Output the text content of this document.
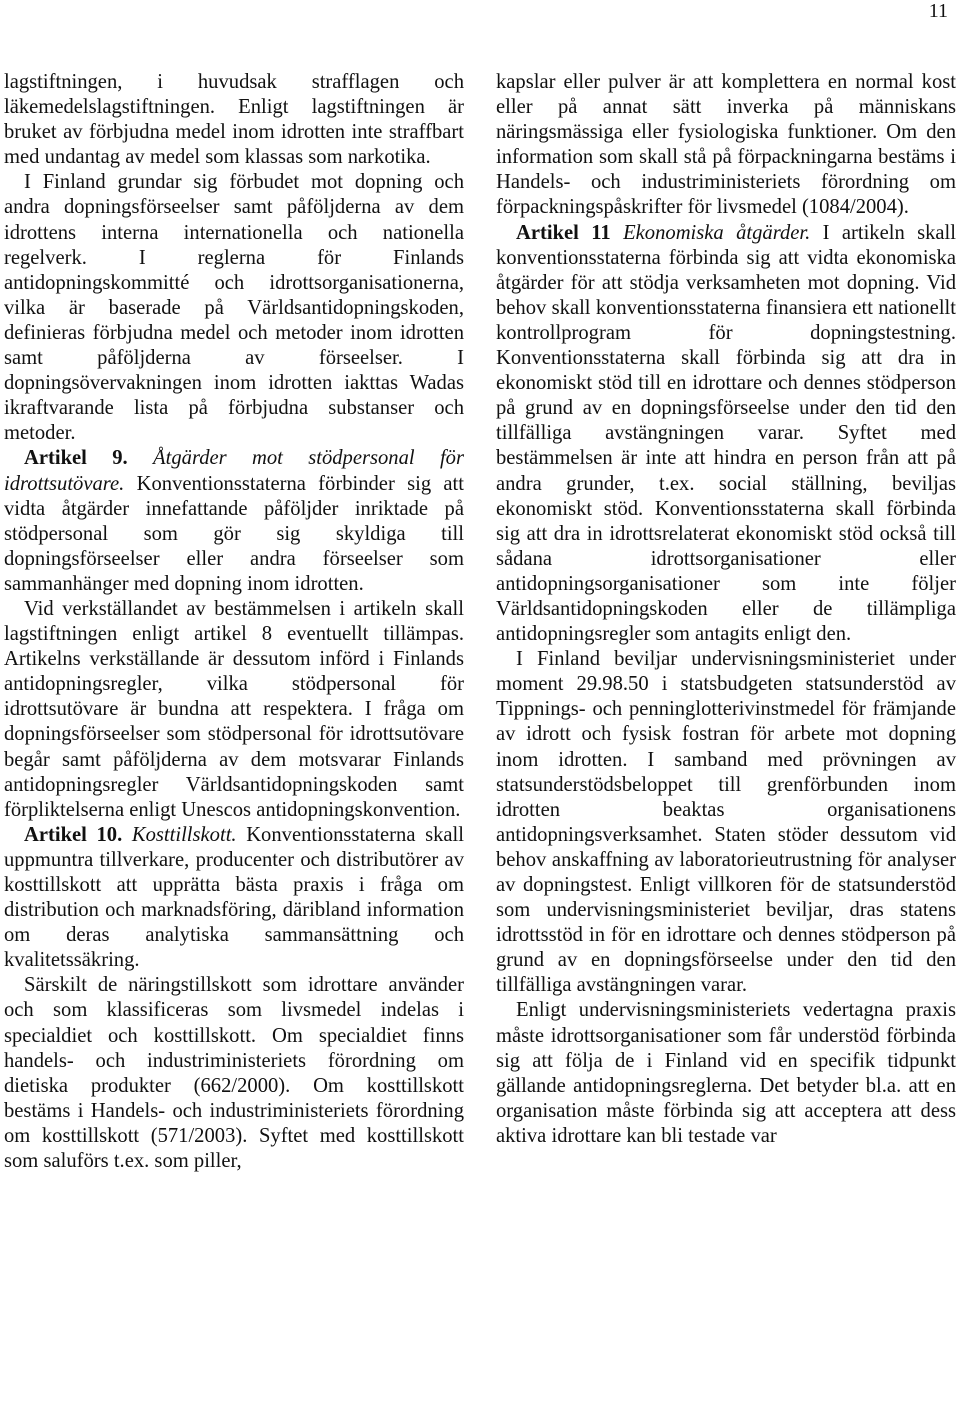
11

lagstiftningen, i huvudsak strafflagen och läkemedelslagstiftningen. Enligt lagstiftningen är bruket av förbjudna medel inom idrotten inte straffbart med undantag av medel som klassas som narkotika.

I Finland grundar sig förbudet mot dopning och andra dopningsförseelser samt påföljderna av dem idrottens interna internationella och nationella regelverk. I reglerna för Finlands antidopningskommitté och idrottsorganisationerna, vilka är baserade på Världsantidopningskoden, definieras förbjudna medel och metoder inom idrotten samt påföljderna av förseelser. I dopningsövervakningen inom idrotten iakttas Wadas ikraftvarande lista på förbjudna substanser och metoder.

Artikel 9. Åtgärder mot stödpersonal för idrottsutövare. Konventionsstaterna förbinder sig att vidta åtgärder innefattande påföljder inriktade på stödpersonal som gör sig skyldiga till dopningsförseelser eller andra förseelser som sammanhänger med dopning inom idrotten.

Vid verkställandet av bestämmelsen i artikeln skall lagstiftningen enligt artikel 8 eventuellt tillämpas. Artikelns verkställande är dessutom införd i Finlands antidopningsregler, vilka stödpersonal för idrottsutövare är bundna att respektera. I fråga om dopningsförseelser som stödpersonal för idrottsutövare begår samt påföljderna av dem motsvarar Finlands antidopningsregler Världsantidopningskoden samt förpliktelserna enligt Unescos antidopningskonvention.

Artikel 10. Kosttillskott. Konventionsstaterna skall uppmuntra tillverkare, producenter och distributörer av kosttillskott att upprätta bästa praxis i fråga om distribution och marknadsföring, däribland information om deras analytiska sammansättning och kvalitetssäkring.

Särskilt de näringstillskott som idrottare använder och som klassificeras som livsmedel indelas i specialdiet och kosttillskott. Om specialdiet finns handels- och industriministeriets förordning om dietiska produkter (662/2000). Om kosttillskott bestäms i Handels- och industriministeriets förordning om kosttillskott (571/2003). Syftet med kosttillskott som saluförs t.ex. som piller,

kapslar eller pulver är att komplettera en normal kost eller på annat sätt inverka på människans näringsmässiga eller fysiologiska funktioner. Om den information som skall stå på förpackningarna bestäms i Handels- och industriministeriets förordning om förpackningspåskrifter för livsmedel (1084/2004).

Artikel 11 Ekonomiska åtgärder. I artikeln skall konventionsstaterna förbinda sig att vidta ekonomiska åtgärder för att stödja verksamheten mot dopning. Vid behov skall konventionsstaterna finansiera ett nationellt kontrollprogram för dopningstestning. Konventionsstaterna skall förbinda sig att dra in ekonomiskt stöd till en idrottare och dennes stödperson på grund av en dopningsförseelse under den tid den tillfälliga avstängningen varar. Syftet med bestämmelsen är inte att hindra en person från att på andra grunder, t.ex. social ställning, beviljas ekonomiskt stöd. Konventionsstaterna skall förbinda sig att dra in idrottsrelaterat ekonomiskt stöd också till sådana idrottsorganisationer eller antidopningsorganisationer som inte följer Världsantidopningskoden eller de tillämpliga antidopningsregler som antagits enligt den.

I Finland beviljar undervisningsministeriet under moment 29.98.50 i statsbudgeten statsunderstöd av Tippnings- och penninglotterivinstmedel för främjande av idrott och fysisk fostran för arbete mot dopning inom idrotten. I samband med prövningen av statsunderstödsbeloppet till grenförbunden inom idrotten beaktas organisationens antidopningsverksamhet. Staten stöder dessutom vid behov anskaffning av laboratorieutrustning för analyser av dopningstest. Enligt villkoren för de statsunderstöd som undervisningsministeriet beviljar, dras statens idrottsstöd in för en idrottare och dennes stödperson på grund av en dopningsförseelse under den tid den tillfälliga avstängningen varar.

Enligt undervisningsministeriets vedertagna praxis måste idrottsorganisationer som får understöd förbinda sig att följa de i Finland vid en specifik tidpunkt gällande antidopningsreglerna. Det betyder bl.a. att en organisation måste förbinda sig att acceptera att dess aktiva idrottare kan bli testade var
